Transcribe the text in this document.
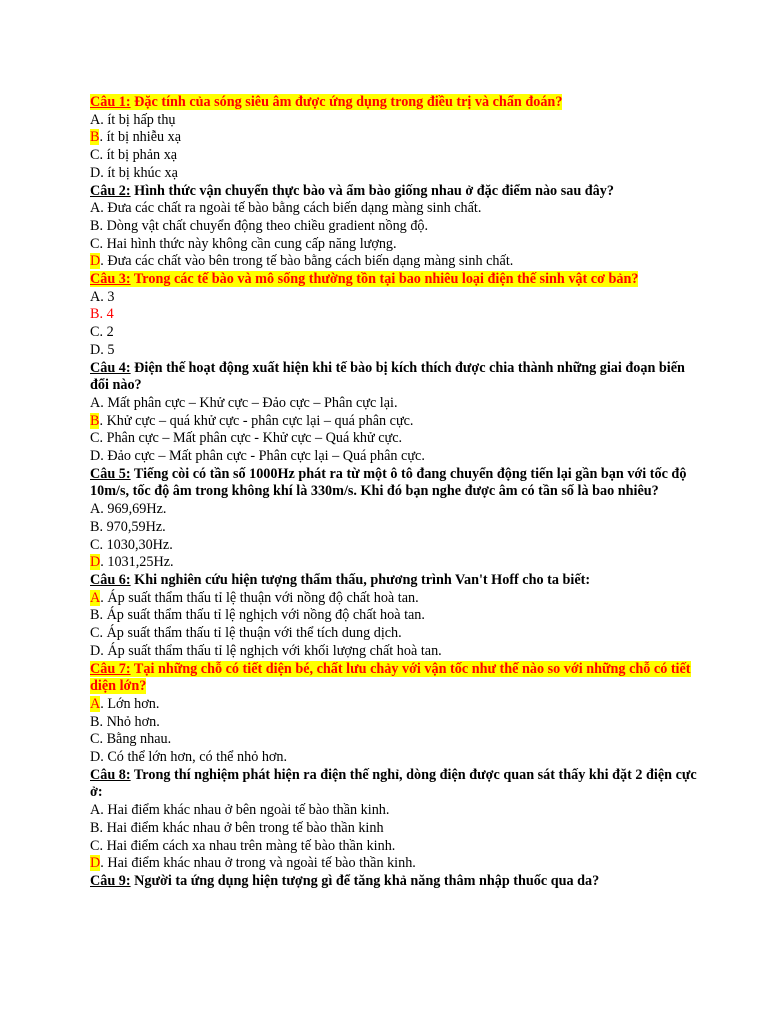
Câu 1: Đặc tính của sóng siêu âm được ứng dụng trong điều trị và chẩn đoán?
A. ít bị hấp thụ
B. ít bị nhiễu xạ
C. ít bị phản xạ
D. ít bị khúc xạ
Câu 2: Hình thức vận chuyển thực bào và ẩm bào giống nhau ở đặc điểm nào sau đây?
A. Đưa các chất ra ngoài tế bào bằng cách biến dạng màng sinh chất.
B. Dòng vật chất chuyển động theo chiều gradient nồng độ.
C. Hai hình thức này không cần cung cấp năng lượng.
D. Đưa các chất vào bên trong tế bào bằng cách biến dạng màng sinh chất.
Câu 3: Trong các tế bào và mô sống thường tồn tại bao nhiêu loại điện thế sinh vật cơ bản?
A. 3
B. 4
C. 2
D. 5
Câu 4: Điện thế hoạt động xuất hiện khi tế bào bị kích thích được chia thành những giai đoạn biến đổi nào?
A. Mất phân cực – Khử cực – Đảo cực – Phân cực lại.
B. Khử cực – quá khử cực - phân cực lại – quá phân cực.
C. Phân cực – Mất phân cực - Khử cực – Quá khử cực.
D. Đảo cực – Mất phân cực - Phân cực lại – Quá phân cực.
Câu 5: Tiếng còi có tần số 1000Hz phát ra từ một ô tô đang chuyển động tiến lại gần bạn với tốc độ 10m/s, tốc độ âm trong không khí là 330m/s. Khi đó bạn nghe được âm có tần số là bao nhiêu?
A. 969,69Hz.
B. 970,59Hz.
C. 1030,30Hz.
D. 1031,25Hz.
Câu 6: Khi nghiên cứu hiện tượng thẩm thấu, phương trình Van't Hoff cho ta biết:
A. Áp suất thẩm thấu tỉ lệ thuận với nồng độ chất hoà tan.
B. Áp suất thẩm thấu tỉ lệ nghịch với nồng độ chất hoà tan.
C. Áp suất thẩm thấu tỉ lệ thuận với thể tích dung dịch.
D. Áp suất thẩm thấu tỉ lệ nghịch với khối lượng chất hoà tan.
Câu 7: Tại những chỗ có tiết diện bé, chất lưu chảy với vận tốc như thế nào so với những chỗ có tiết diện lớn?
A. Lớn hơn.
B. Nhỏ hơn.
C. Bằng nhau.
D. Có thể lớn hơn, có thể nhỏ hơn.
Câu 8: Trong thí nghiệm phát hiện ra điện thế nghỉ, dòng điện được quan sát thấy khi đặt 2 điện cực ở:
A. Hai điểm khác nhau ở bên ngoài tế bào thần kinh.
B. Hai điểm khác nhau ở bên trong tế bào thần kinh
C. Hai điểm cách xa nhau trên màng tế bào thần kinh.
D. Hai điểm khác nhau ở trong và ngoài tế bào thần kinh.
Câu 9: Người ta ứng dụng hiện tượng gì để tăng khả năng thâm nhập thuốc qua da?
